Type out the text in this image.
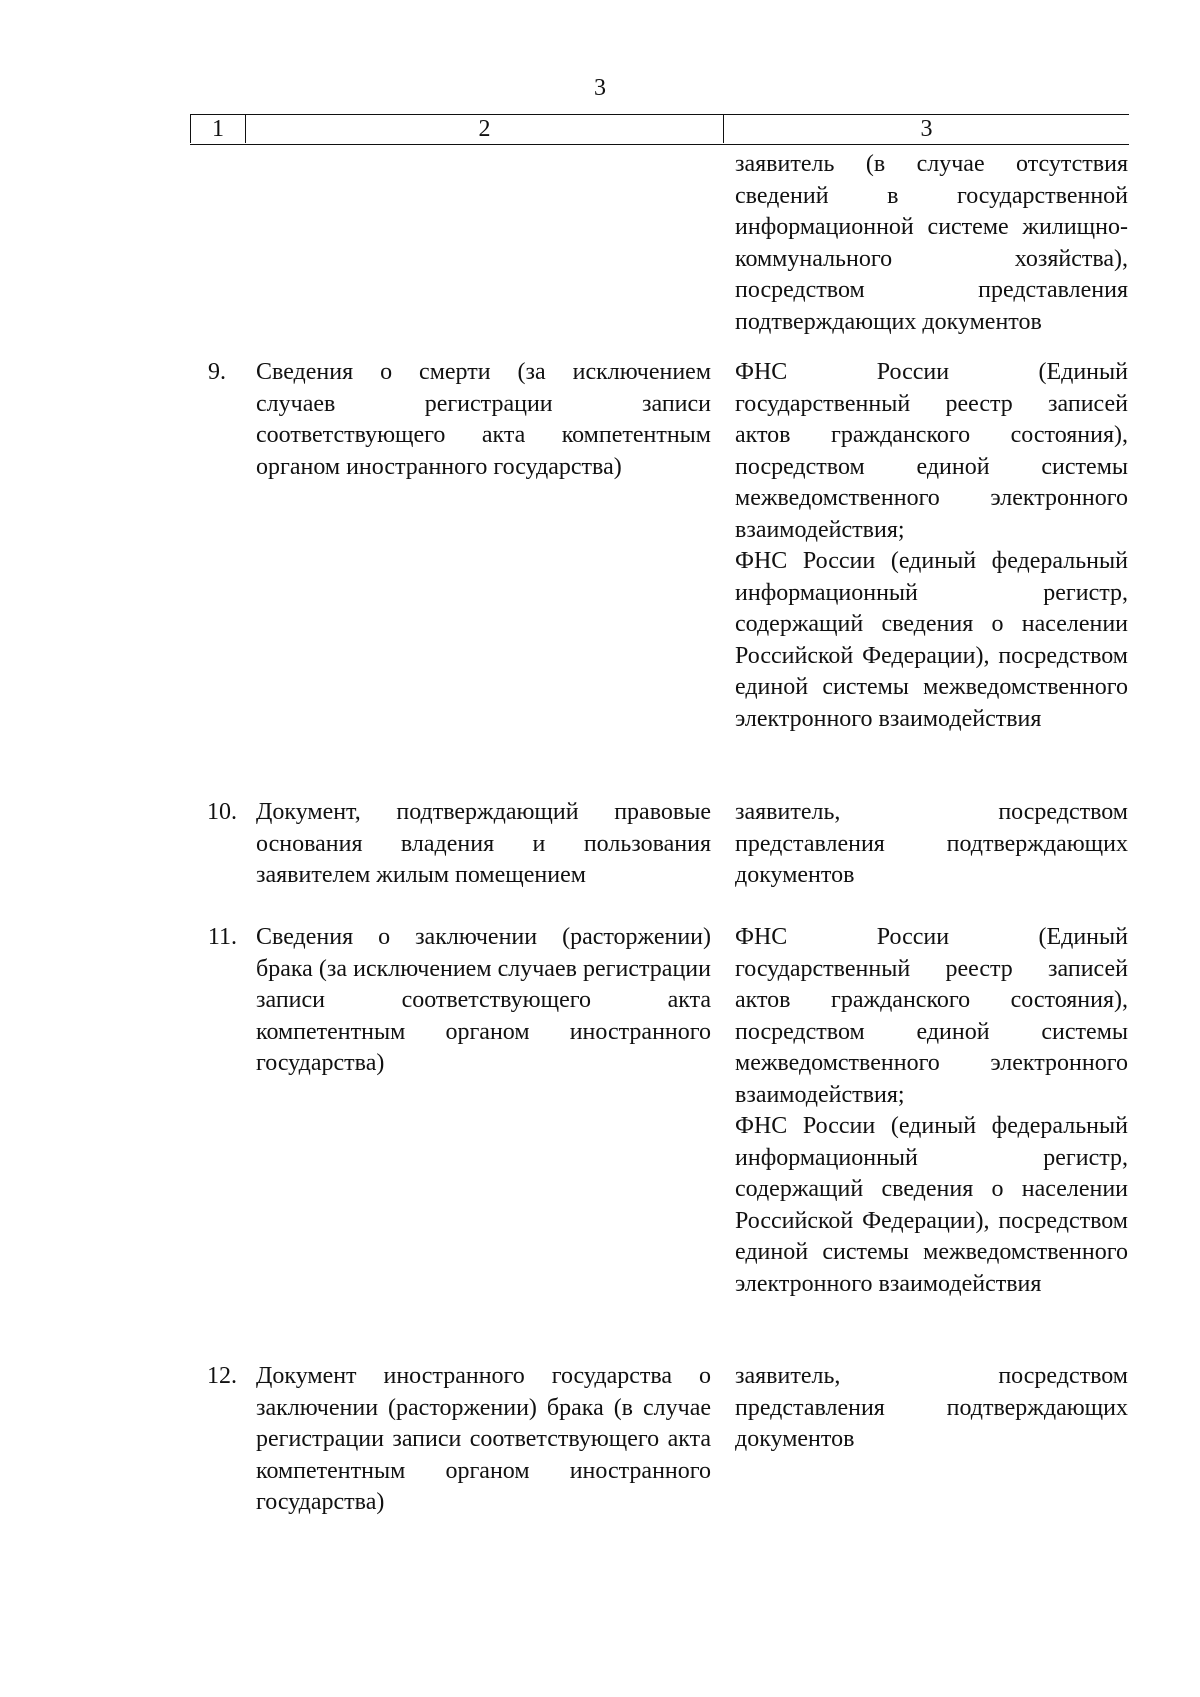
3
1	2	3
заявитель (в случае отсутствия сведений в государственной информационной системе жилищно-коммунального хозяйства), посредством представления подтверждающих документов
9. Сведения о смерти (за исключением случаев регистрации записи соответствующего акта компетентным органом иностранного государства)
ФНС России (Единый государственный реестр записей актов гражданского состояния), посредством единой системы межведомственного электронного взаимодействия;
ФНС России (единый федеральный информационный регистр, содержащий сведения о населении Российской Федерации), посредством единой системы межведомственного электронного взаимодействия
10. Документ, подтверждающий правовые основания владения и пользования заявителем жилым помещением
заявитель, посредством представления подтверждающих документов
11. Сведения о заключении (расторжении) брака (за исключением случаев регистрации записи соответствующего акта компетентным органом иностранного государства)
ФНС России (Единый государственный реестр записей актов гражданского состояния), посредством единой системы межведомственного электронного взаимодействия;
ФНС России (единый федеральный информационный регистр, содержащий сведения о населении Российской Федерации), посредством единой системы межведомственного электронного взаимодействия
12. Документ иностранного государства о заключении (расторжении) брака (в случае регистрации записи соответствующего акта компетентным органом иностранного государства)
заявитель, посредством представления подтверждающих документов
